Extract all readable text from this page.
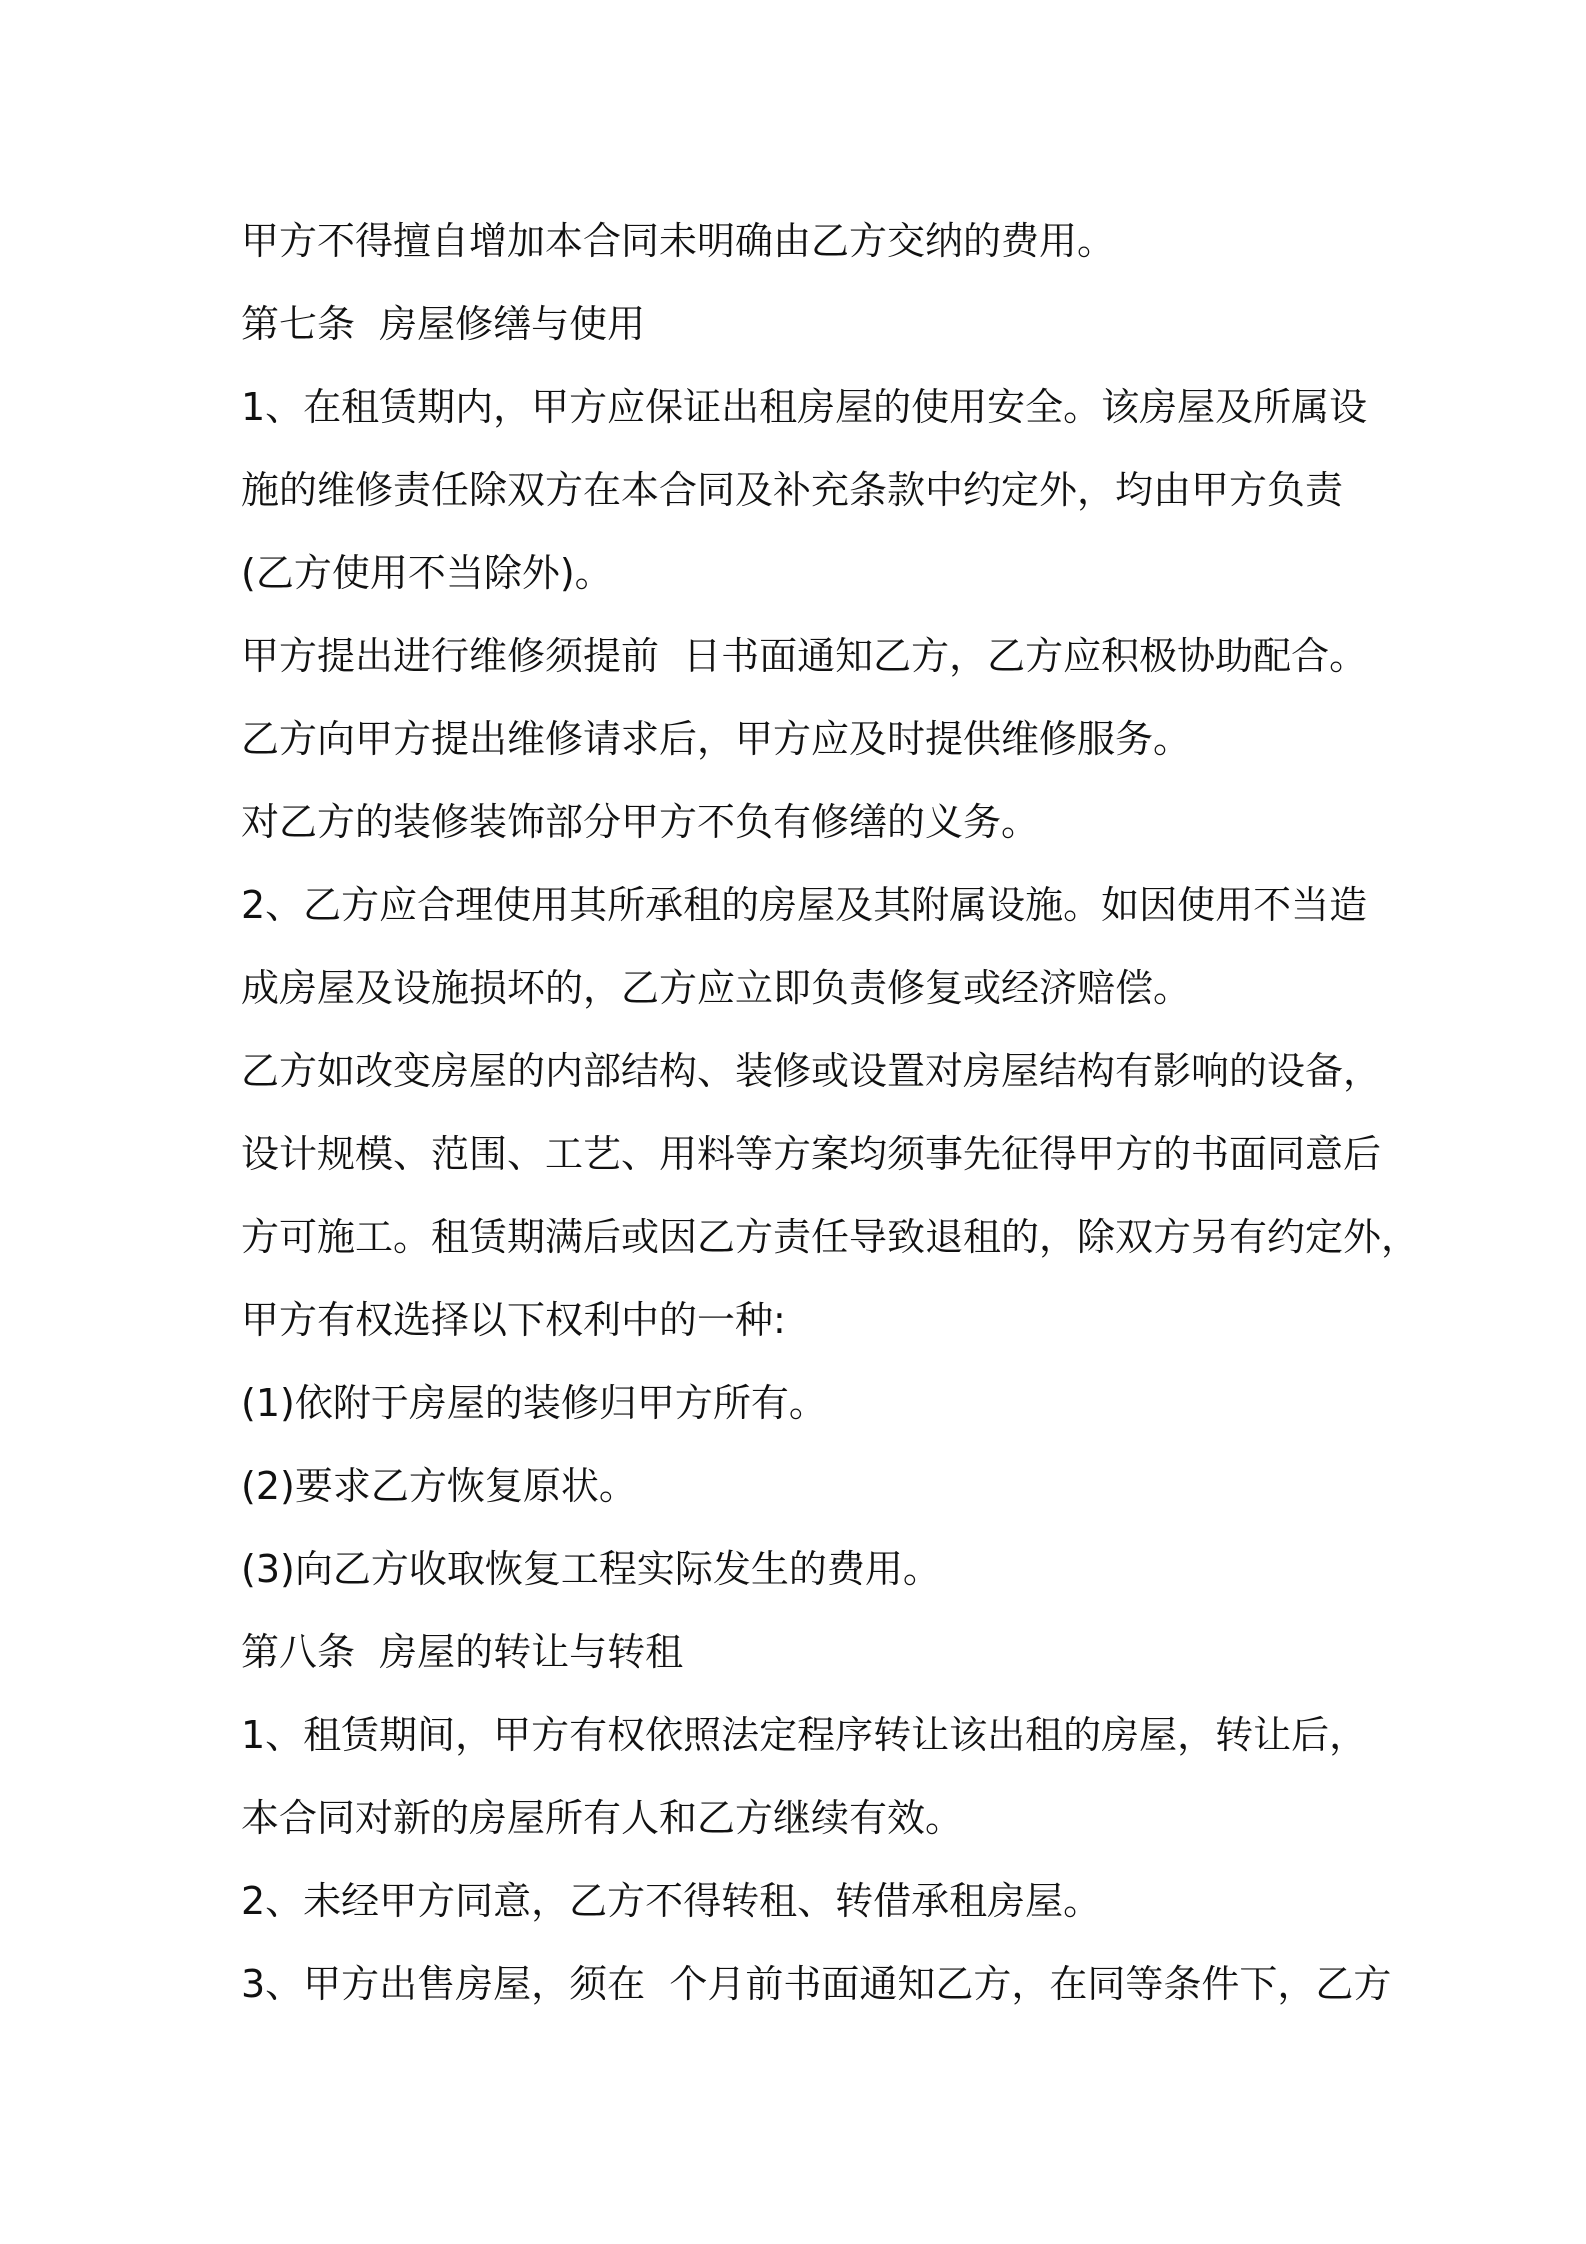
甲方不得擅自增加本合同未明确由乙方交纳的费用。
第七条  房屋修缮与使用
1、在租赁期内，甲方应保证出租房屋的使用安全。该房屋及所属设
施的维修责任除双方在本合同及补充条款中约定外，均由甲方负责
(乙方使用不当除外)。
甲方提出进行维修须提前  日书面通知乙方，乙方应积极协助配合。
乙方向甲方提出维修请求后，甲方应及时提供维修服务。
对乙方的装修装饰部分甲方不负有修缮的义务。
2、乙方应合理使用其所承租的房屋及其附属设施。如因使用不当造
成房屋及设施损坏的，乙方应立即负责修复或经济赔偿。
乙方如改变房屋的内部结构、装修或设置对房屋结构有影响的设备，
设计规模、范围、工艺、用料等方案均须事先征得甲方的书面同意后
方可施工。租赁期满后或因乙方责任导致退租的，除双方另有约定外，
甲方有权选择以下权利中的一种:
(1)依附于房屋的装修归甲方所有。
(2)要求乙方恢复原状。
(3)向乙方收取恢复工程实际发生的费用。
第八条  房屋的转让与转租
1、租赁期间，甲方有权依照法定程序转让该出租的房屋，转让后，
本合同对新的房屋所有人和乙方继续有效。
2、未经甲方同意，乙方不得转租、转借承租房屋。
3、甲方出售房屋，须在  个月前书面通知乙方，在同等条件下，乙方
